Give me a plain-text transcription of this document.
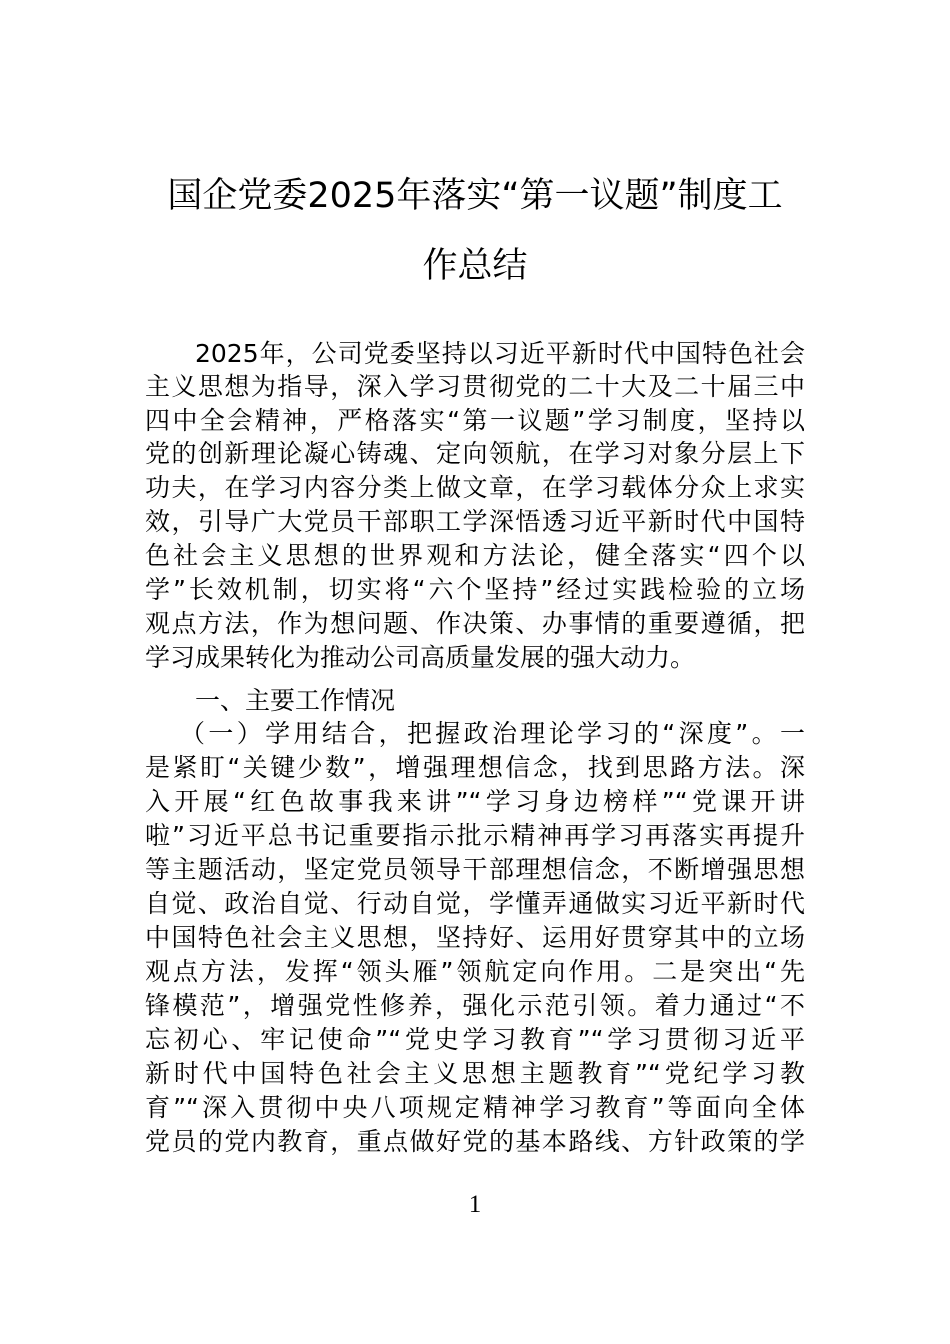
国企党委2025年落实“第一议题”制度工
作总结
2025年，公司党委坚持以习近平新时代中国特色社会
主义思想为指导，深入学习贯彻党的二十大及二十届三中
四中全会精神，严格落实“第一议题”学习制度，坚持以
党的创新理论凝心铸魂、定向领航，在学习对象分层上下
功夫，在学习内容分类上做文章，在学习载体分众上求实
效，引导广大党员干部职工学深悟透习近平新时代中国特
色社会主义思想的世界观和方法论，健全落实“四个以
学”长效机制，切实将“六个坚持”经过实践检验的立场
观点方法，作为想问题、作决策、办事情的重要遵循，把
学习成果转化为推动公司高质量发展的强大动力。
一、主要工作情况
（一）学用结合，把握政治理论学习的“深度”。一
是紧盯“关键少数”，增强理想信念，找到思路方法。深
入开展“红色故事我来讲”“学习身边榜样”“党课开讲
啦”习近平总书记重要指示批示精神再学习再落实再提升
等主题活动，坚定党员领导干部理想信念，不断增强思想
自觉、政治自觉、行动自觉，学懂弄通做实习近平新时代
中国特色社会主义思想，坚持好、运用好贯穿其中的立场
观点方法，发挥“领头雁”领航定向作用。二是突出“先
锋模范”，增强党性修养，强化示范引领。着力通过“不
忘初心、牢记使命”“党史学习教育”“学习贯彻习近平
新时代中国特色社会主义思想主题教育”“党纪学习教
育”“深入贯彻中央八项规定精神学习教育”等面向全体
党员的党内教育，重点做好党的基本路线、方针政策的学
1
